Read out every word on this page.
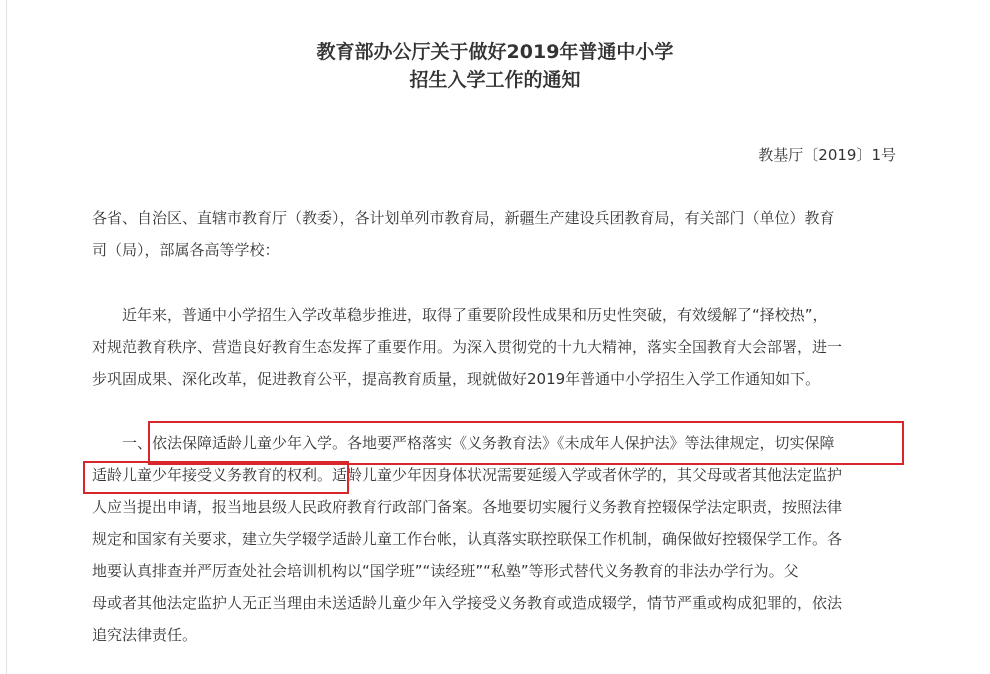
教育部办公厅关于做好2019年普通中小学
招生入学工作的通知
教基厅〔2019〕1号
各省、自治区、直辖市教育厅（教委），各计划单列市教育局，新疆生产建设兵团教育局，有关部门（单位）教育
司（局），部属各高等学校：
近年来，普通中小学招生入学改革稳步推进，取得了重要阶段性成果和历史性突破，有效缓解了“择校热”，
对规范教育秩序、营造良好教育生态发挥了重要作用。为深入贯彻党的十九大精神，落实全国教育大会部署，进一
步巩固成果、深化改革，促进教育公平，提高教育质量，现就做好2019年普通中小学招生入学工作通知如下。
一、依法保障适龄儿童少年入学。各地要严格落实《义务教育法》《未成年人保护法》等法律规定，切实保障
适龄儿童少年接受义务教育的权利。适龄儿童少年因身体状况需要延缓入学或者休学的，其父母或者其他法定监护
人应当提出申请，报当地县级人民政府教育行政部门备案。各地要切实履行义务教育控辍保学法定职责，按照法律
规定和国家有关要求，建立失学辍学适龄儿童工作台帐，认真落实联控联保工作机制，确保做好控辍保学工作。各
地要认真排查并严厉查处社会培训机构以“国学班”“读经班”“私塾”等形式替代义务教育的非法办学行为。父
母或者其他法定监护人无正当理由未送适龄儿童少年入学接受义务教育或造成辍学，情节严重或构成犯罪的，依法
追究法律责任。
